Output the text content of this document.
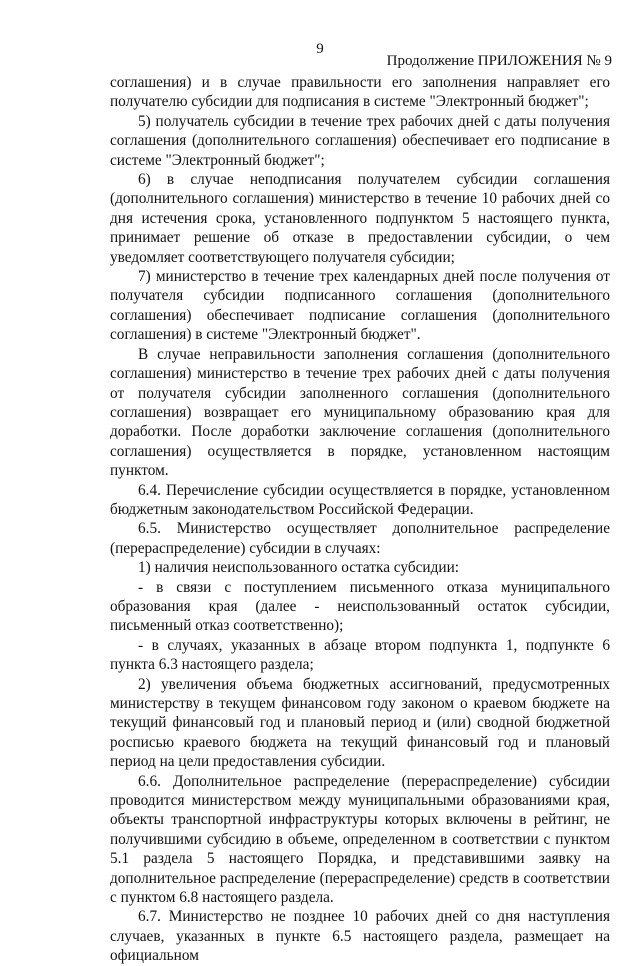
9
Продолжение ПРИЛОЖЕНИЯ № 9

соглашения) и в случае правильности его заполнения направляет его получателю субсидии для подписания в системе "Электронный бюджет";

5) получатель субсидии в течение трех рабочих дней с даты получения соглашения (дополнительного соглашения) обеспечивает его подписание в системе "Электронный бюджет";

6) в случае неподписания получателем субсидии соглашения (дополнительного соглашения) министерство в течение 10 рабочих дней со дня истечения срока, установленного подпунктом 5 настоящего пункта, принимает решение об отказе в предоставлении субсидии, о чем уведомляет соответствующего получателя субсидии;

7) министерство в течение трех календарных дней после получения от получателя субсидии подписанного соглашения (дополнительного соглашения) обеспечивает подписание соглашения (дополнительного соглашения) в системе "Электронный бюджет".

В случае неправильности заполнения соглашения (дополнительного соглашения) министерство в течение трех рабочих дней с даты получения от получателя субсидии заполненного соглашения (дополнительного соглашения) возвращает его муниципальному образованию края для доработки. После доработки заключение соглашения (дополнительного соглашения) осуществляется в порядке, установленном настоящим пунктом.

6.4. Перечисление субсидии осуществляется в порядке, установленном бюджетным законодательством Российской Федерации.

6.5. Министерство осуществляет дополнительное распределение (перераспределение) субсидии в случаях:

1) наличия неиспользованного остатка субсидии:

- в связи с поступлением письменного отказа муниципального образования края (далее - неиспользованный остаток субсидии, письменный отказ соответственно);

- в случаях, указанных в абзаце втором подпункта 1, подпункте 6 пункта 6.3 настоящего раздела;

2) увеличения объема бюджетных ассигнований, предусмотренных министерству в текущем финансовом году законом о краевом бюджете на текущий финансовый год и плановый период и (или) сводной бюджетной росписью краевого бюджета на текущий финансовый год и плановый период на цели предоставления субсидии.

6.6. Дополнительное распределение (перераспределение) субсидии проводится министерством между муниципальными образованиями края, объекты транспортной инфраструктуры которых включены в рейтинг, не получившими субсидию в объеме, определенном в соответствии с пунктом 5.1 раздела 5 настоящего Порядка, и представившими заявку на дополнительное распределение (перераспределение) средств в соответствии с пунктом 6.8 настоящего раздела.

6.7. Министерство не позднее 10 рабочих дней со дня наступления случаев, указанных в пункте 6.5 настоящего раздела, размещает на официальном
